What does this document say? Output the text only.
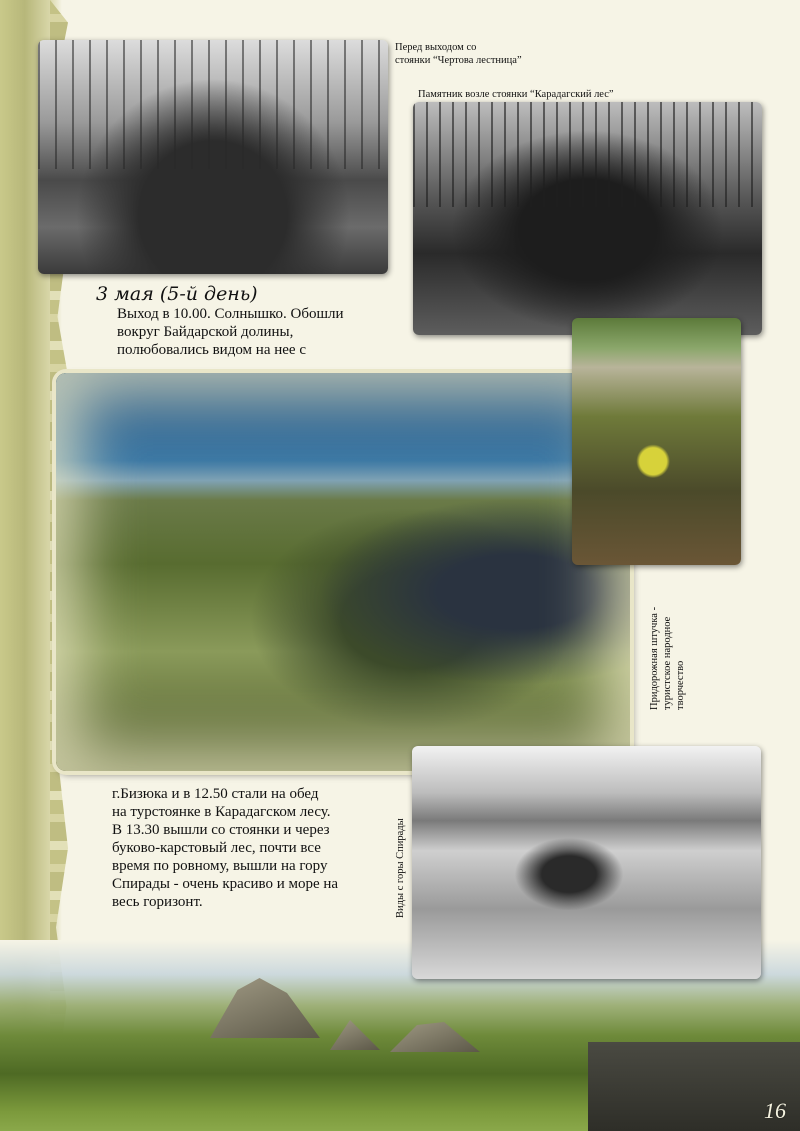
16
Перед выходом со
стоянки “Чертова лестница”
Памятник возле стоянки “Карадагский лес”
3 мая (5-й день)
Выход в 10.00. Солнышко. Обошли
вокруг Байдарской долины,
полюбовались видом на нее с
Придорожная штучка - туристское народное творчество
г.Бизюка и в 12.50 стали на обед
на турстоянке в Карадагском лесу.
В 13.30 вышли со стоянки и через
буково-карстовый лес, почти все
время по ровному, вышли на гору
Спирады - очень красиво и море на
весь горизонт.	Виды с горы Спирады
